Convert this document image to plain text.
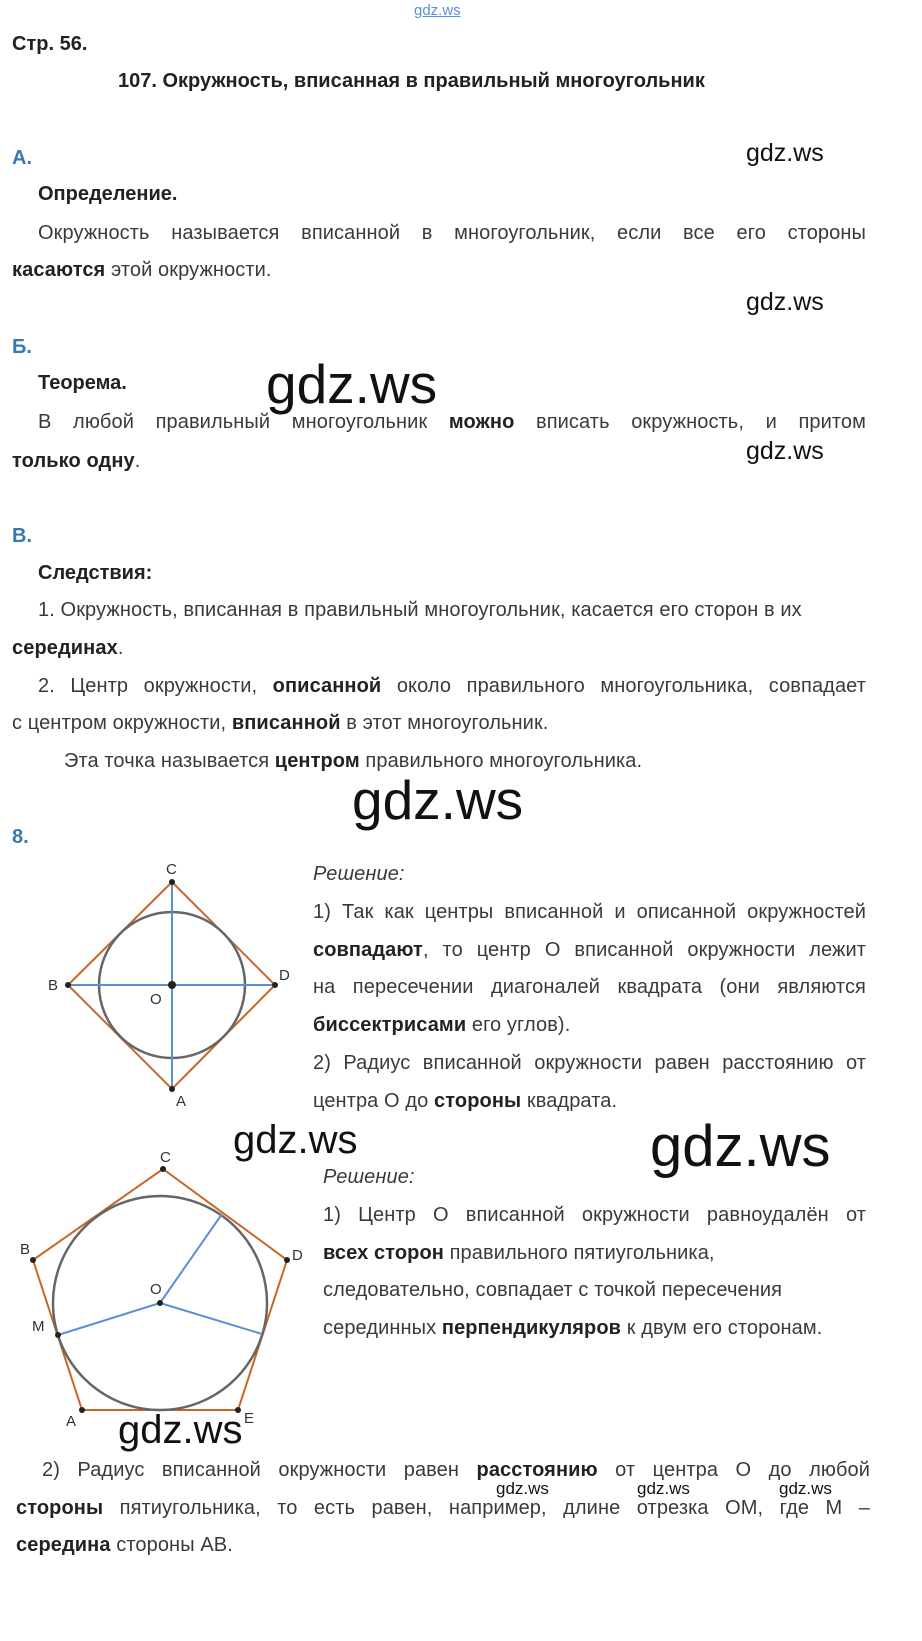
gdz.ws
Стр. 56.
107. Окружность, вписанная в правильный многоугольник
А.	gdz.ws
Определение.
Окружность называется вписанной в многоугольник, если все его стороны
касаются этой окружности.
gdz.ws
Б.
Теорема.	gdz.ws
В любой правильный многоугольник можно вписать окружность, и притом
gdz.ws
только одну.
В.
Следствия:
1. Окружность, вписанная в правильный многоугольник, касается его сторон в их
серединах.
2. Центр окружности, описанной около правильного многоугольника, совпадает
с центром окружности, вписанной в этот многоугольник.
Эта точка называется центром правильного многоугольника.
gdz.ws
8.
C
B
D
O
A
Решение:
1) Так как центры вписанной и описанной окружностей
совпадают, то центр О вписанной окружности лежит
на пересечении диагоналей квадрата (они являются
биссектрисами его углов).
2) Радиус вписанной окружности равен расстоянию от
центра О до стороны квадрата.
gdz.ws	gdz.ws
C
B	D
O
M
A	E
Решение:
1) Центр О вписанной окружности равноудалён от
всех сторон правильного пятиугольника,
следовательно, совпадает с точкой пересечения
серединных перпендикуляров к двум его сторонам.
gdz.ws
2) Радиус вписанной окружности равен расстоянию от центра О до любой
gdz.ws	gdz.ws	gdz.ws
стороны пятиугольника, то есть равен, например, длине отрезка OM, где M –
середина стороны AB.
